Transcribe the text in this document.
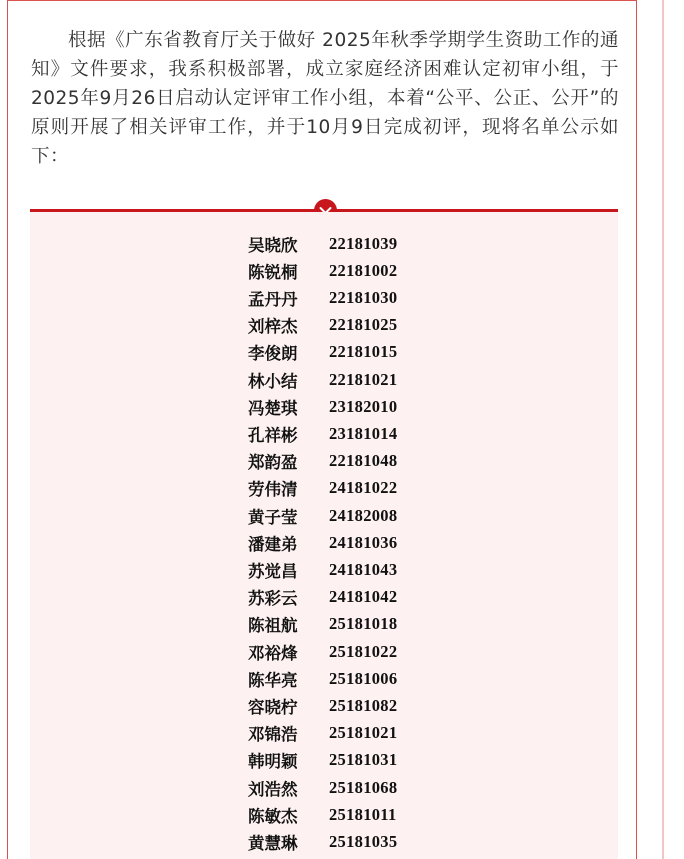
根据《广东省教育厅关于做好 2025年秋季学期学生资助工作的通知》文件要求，我系积极部署，成立家庭经济困难认定初审小组，于2025年9月26日启动认定评审工作小组，本着“公平、公正、公开”的原则开展了相关评审工作，并于10月9日完成初评，现将名单公示如下：

吴晓欣	22181039
陈锐桐	22181002
孟丹丹	22181030
刘梓杰	22181025
李俊朗	22181015
林小结	22181021
冯楚琪	23182010
孔祥彬	23181014
郑韵盈	22181048
劳伟清	24181022
黄子莹	24182008
潘建弟	24181036
苏觉昌	24181043
苏彩云	24181042
陈祖航	25181018
邓裕烽	25181022
陈华亮	25181006
容晓柠	25181082
邓锦浩	25181021
韩明颖	25181031
刘浩然	25181068
陈敏杰	25181011
黄慧琳	25181035
